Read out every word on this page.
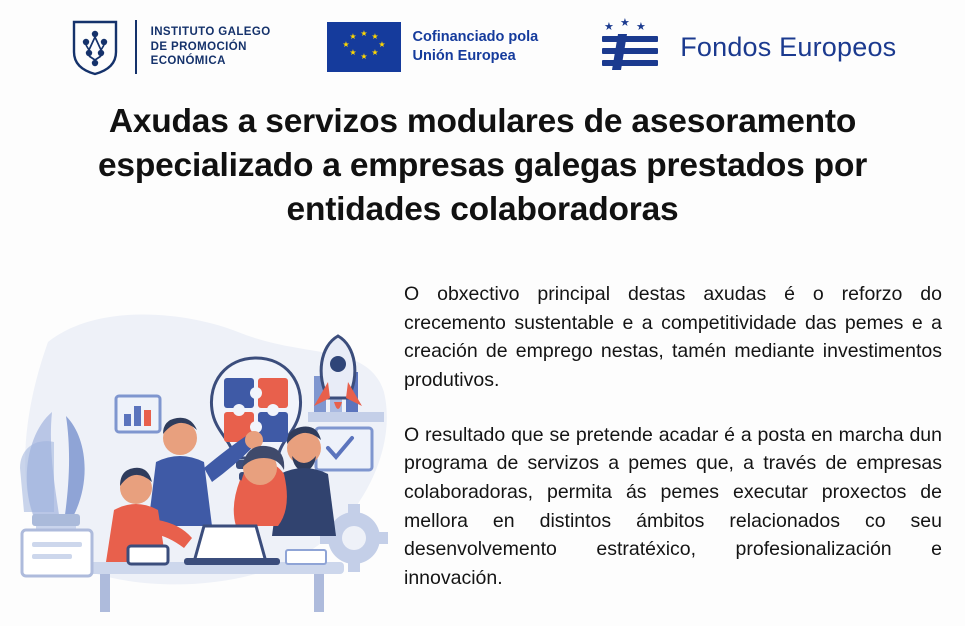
INSTITUTO GALEGO
DE PROMOCIÓN
ECONÓMICA
★ ★
★
★
★
★
★
★	Cofinanciado pola
Unión Europea
★ ★ ★
Fondos Europeos
Axudas a servizos modulares de asesoramento especializado a empresas galegas prestados por entidades colaboradoras

O obxectivo principal destas axudas é o reforzo do crecemento sustentable e a competitividade das pemes e a creación de emprego nestas, tamén mediante investimentos produtivos.

O resultado que se pretende acadar é a posta en marcha dun programa de servizos a pemes que, a través de empresas colaboradoras, permita ás pemes executar proxectos de mellora en distintos ámbitos relacionados co seu desenvolvemento estratéxico, profesionalización e innovación.
